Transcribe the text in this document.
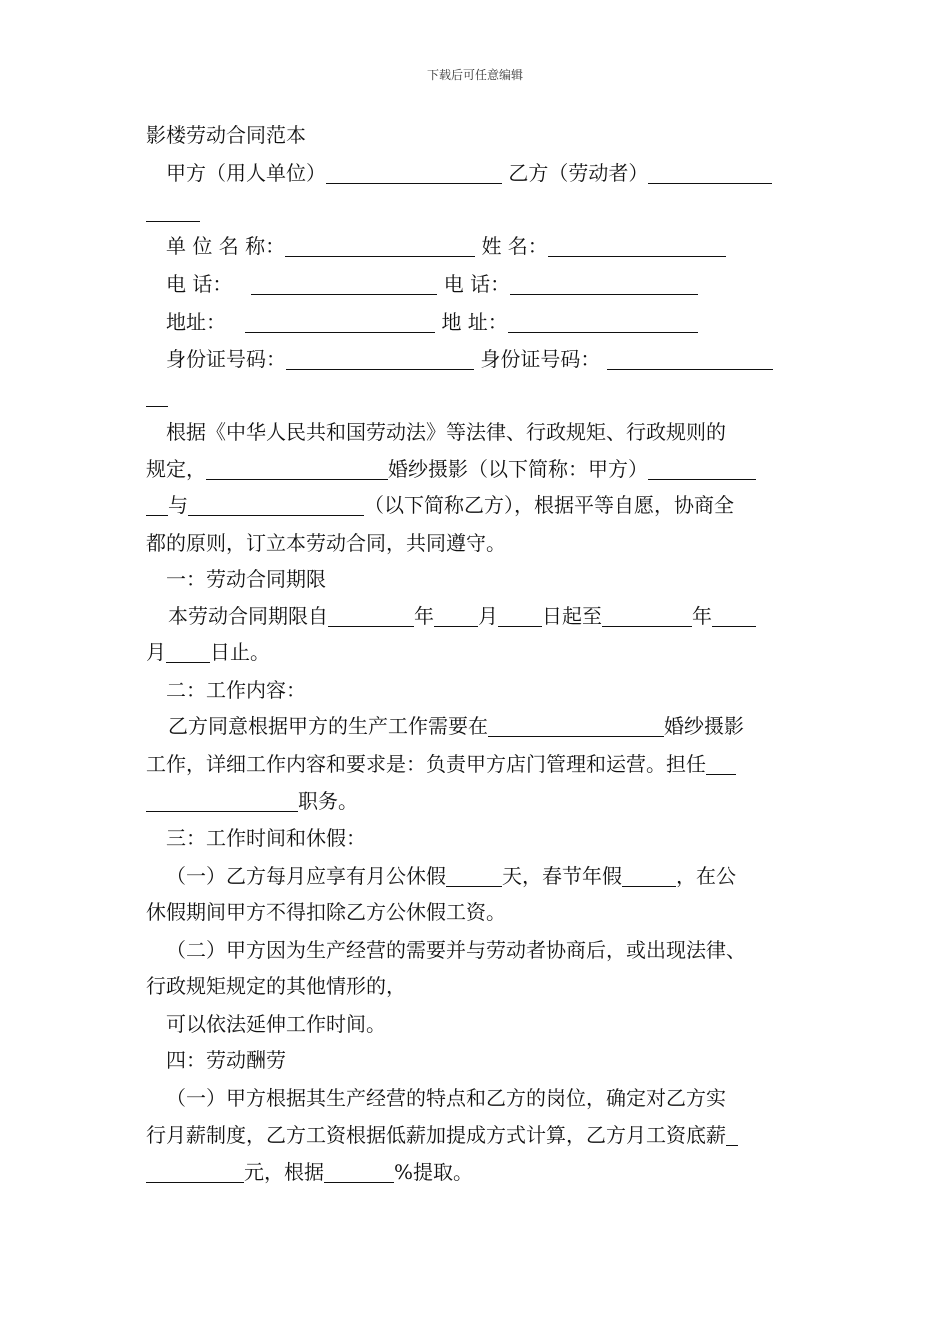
下载后可任意编辑
影楼劳动合同范本
甲方（用人单位）	乙方（劳动者）
单 位 名 称：	姓 名：
电 话：	电 话：
地址：	地 址：
身份证号码：	身份证号码：
根据《中华人民共和国劳动法》等法律、行政规矩、行政规则的
规定，	婚纱摄影（以下简称：甲方）
与	（以下简称乙方），根据平等自愿，协商全
都的原则，订立本劳动合同，共同遵守。
一：劳动合同期限
本劳动合同期限自	年 月 日起至	年
月 日止。
二：工作内容：
乙方同意根据甲方的生产工作需要在	婚纱摄影
工作，详细工作内容和要求是：负责甲方店门管理和运营。担任
职务。
三：工作时间和休假：
（一）乙方每月应享有月公休假	天，春节年假	，在公
休假期间甲方不得扣除乙方公休假工资。
（二）甲方因为生产经营的需要并与劳动者协商后，或出现法律、
行政规矩规定的其他情形的，
可以依法延伸工作时间。
四：劳动酬劳
（一）甲方根据其生产经营的特点和乙方的岗位，确定对乙方实
行月薪制度，乙方工资根据低薪加提成方式计算，乙方月工资底薪
元，根据	%提取。
